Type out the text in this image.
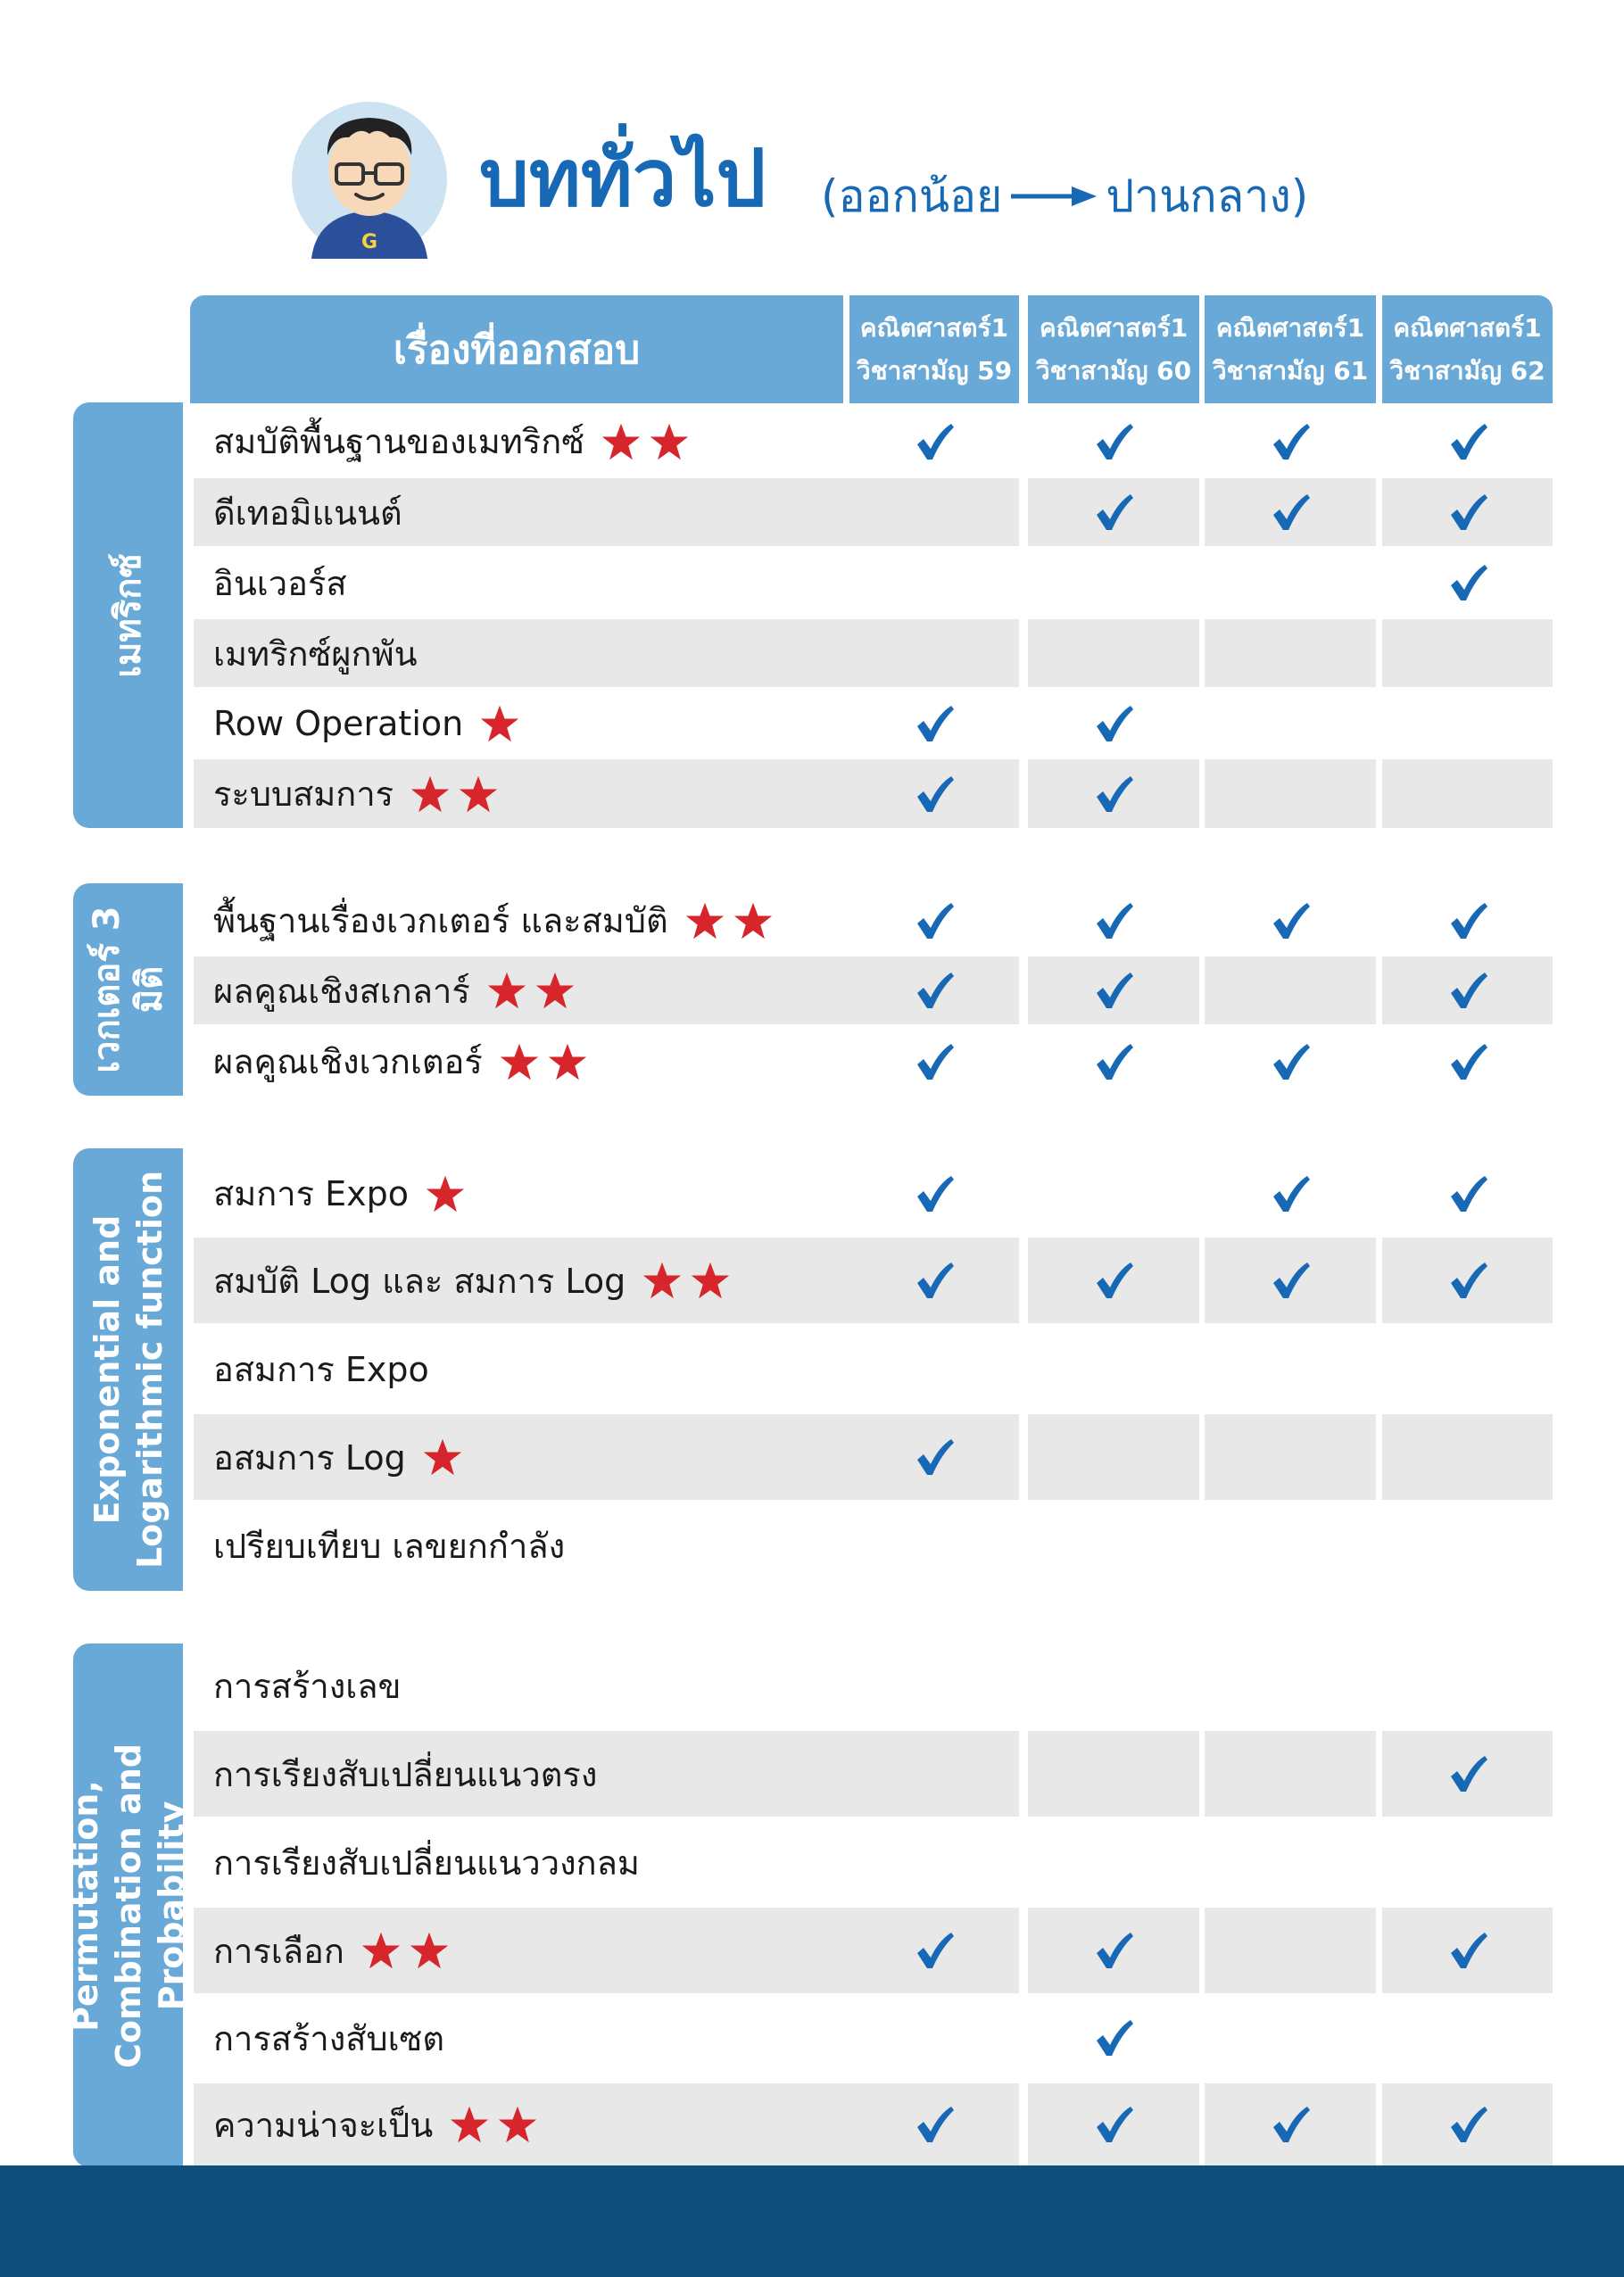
G
บททั่วไป (ออกน้อย ปานกลาง)
เรื่องที่ออกสอบ	คณิตศาสตร์1
วิชาสามัญ 59
คณิตศาสตร์1
วิชาสามัญ 60
คณิตศาสตร์1
วิชาสามัญ 61
คณิตศาสตร์1
วิชาสามัญ 62
เมทริกซ์
สมบัติพื้นฐานของเมทริกซ์
ดีเทอมิแนนต์
อินเวอร์ส
เมทริกซ์ผูกพัน
Row Operation
ระบบสมการ
เวกเตอร์ 3 มิติ
พื้นฐานเรื่องเวกเตอร์ และสมบัติ
ผลคูณเชิงสเกลาร์
ผลคูณเชิงเวกเตอร์
Exponential and Logarithmic function สมการ Expo
สมบัติ Log และ สมการ Log
อสมการ Expo
อสมการ Log
เปรียบเทียบ เลขยกกำลัง
Permutation, Combination and Probability
การสร้างเลข
การเรียงสับเปลี่ยนแนวตรง
การเรียงสับเปลี่ยนแนววงกลม
การเลือก
การสร้างสับเซต
ความน่าจะเป็น
